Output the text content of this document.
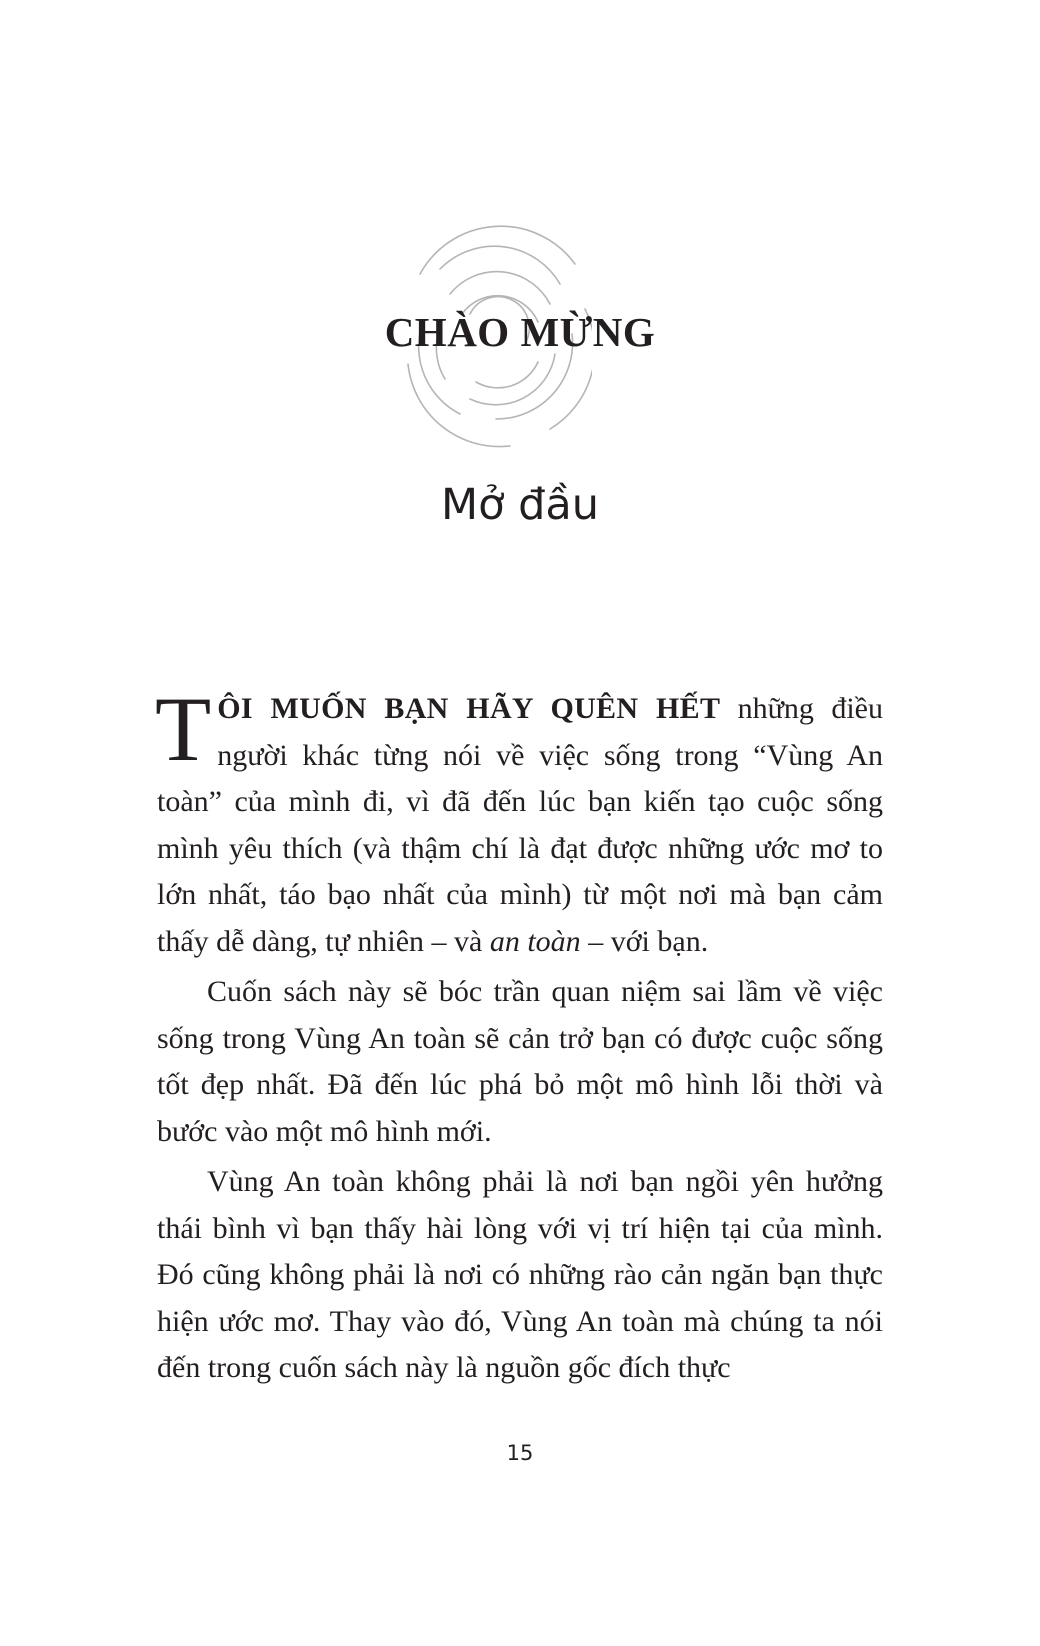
CHÀO MỪNG
Mở đầu

TÔI MUỐN BẠN HÃY QUÊN HẾT những điều người khác từng nói về việc sống trong “Vùng An toàn” của mình đi, vì đã đến lúc bạn kiến tạo cuộc sống mình yêu thích (và thậm chí là đạt được những ước mơ to lớn nhất, táo bạo nhất của mình) từ một nơi mà bạn cảm thấy dễ dàng, tự nhiên – và an toàn – với bạn.

Cuốn sách này sẽ bóc trần quan niệm sai lầm về việc sống trong Vùng An toàn sẽ cản trở bạn có được cuộc sống tốt đẹp nhất. Đã đến lúc phá bỏ một mô hình lỗi thời và bước vào một mô hình mới.

Vùng An toàn không phải là nơi bạn ngồi yên hưởng thái bình vì bạn thấy hài lòng với vị trí hiện tại của mình. Đó cũng không phải là nơi có những rào cản ngăn bạn thực hiện ước mơ. Thay vào đó, Vùng An toàn mà chúng ta nói đến trong cuốn sách này là nguồn gốc đích thực

15
